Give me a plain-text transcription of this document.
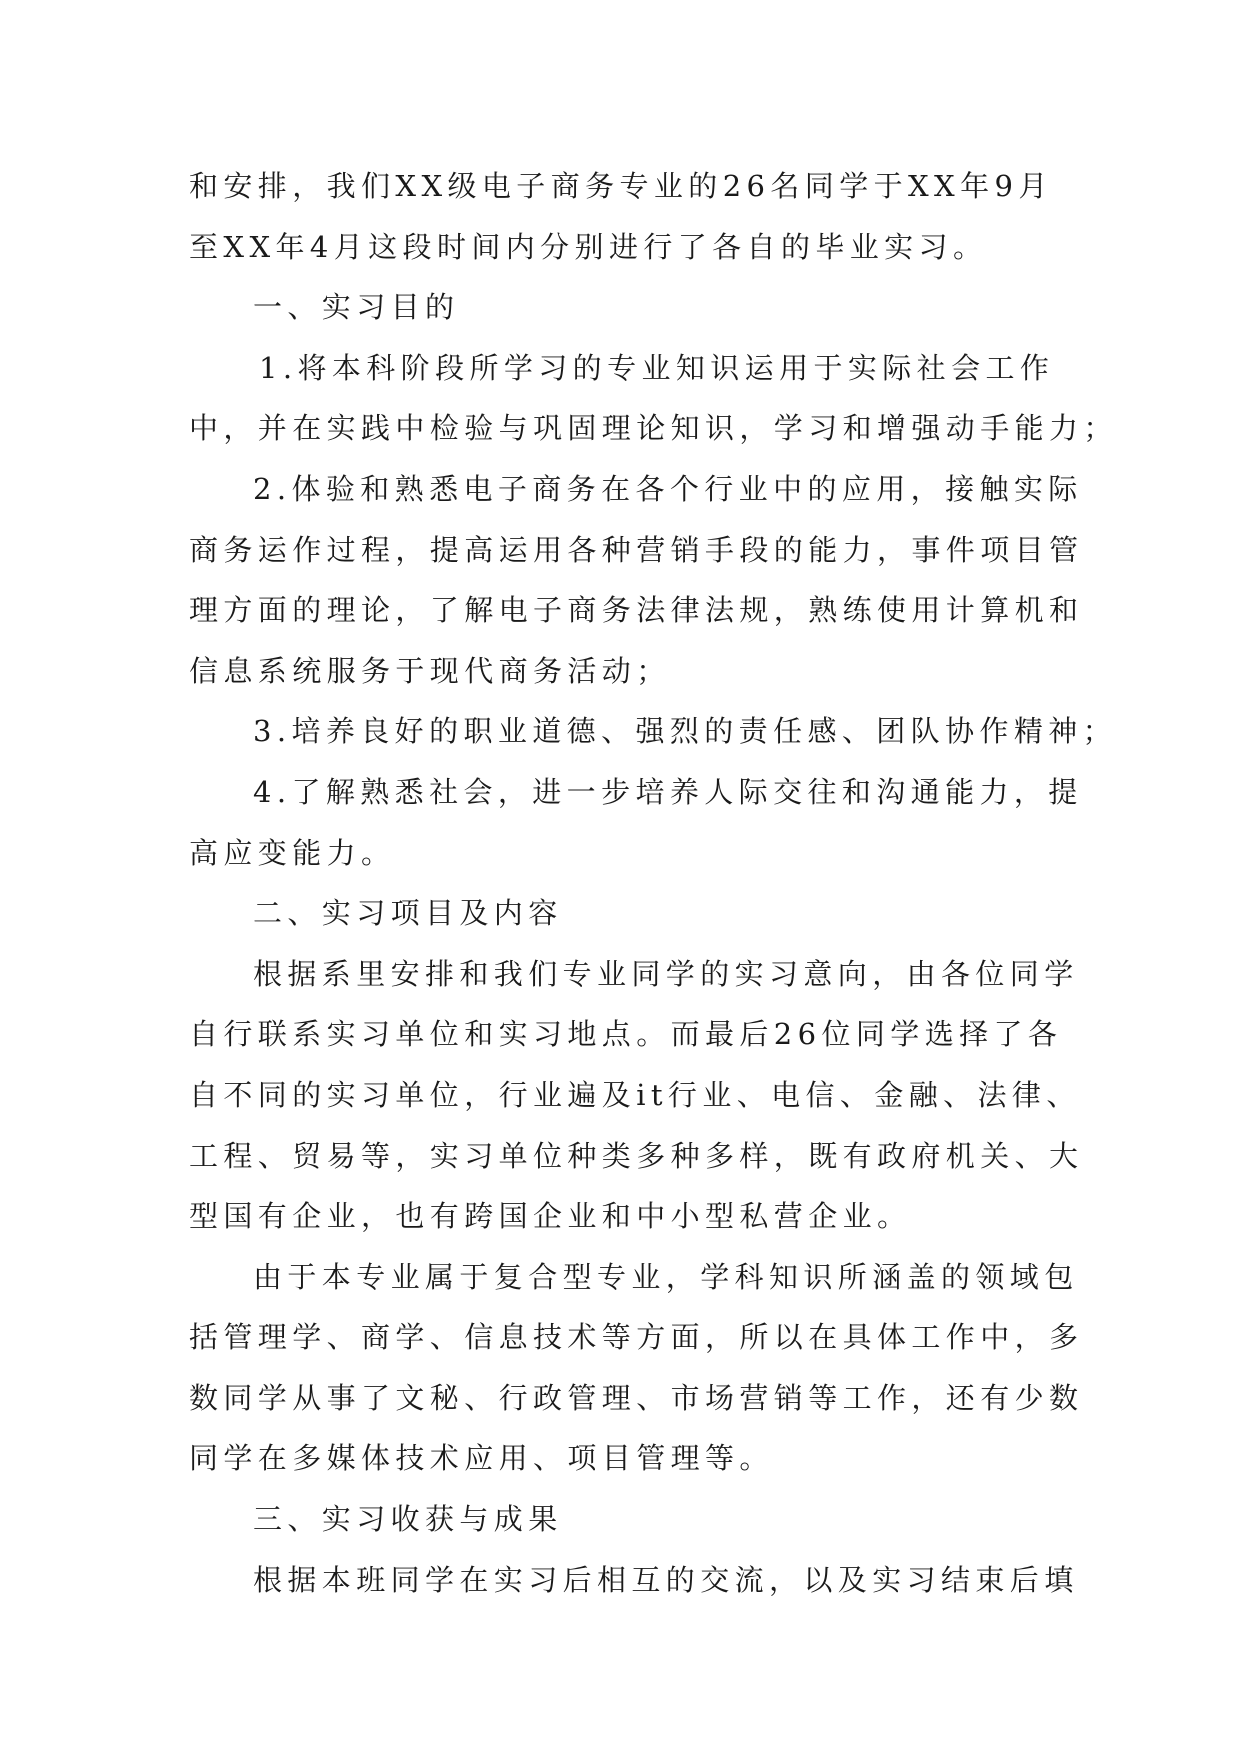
和安排，我们XX级电子商务专业的26名同学于XX年9月
至XX年4月这段时间内分别进行了各自的毕业实习。
一、实习目的
1.将本科阶段所学习的专业知识运用于实际社会工作
中，并在实践中检验与巩固理论知识，学习和增强动手能力；
2.体验和熟悉电子商务在各个行业中的应用，接触实际
商务运作过程，提高运用各种营销手段的能力，事件项目管
理方面的理论，了解电子商务法律法规，熟练使用计算机和
信息系统服务于现代商务活动；
3.培养良好的职业道德、强烈的责任感、团队协作精神；
4.了解熟悉社会，进一步培养人际交往和沟通能力，提
高应变能力。
二、实习项目及内容
根据系里安排和我们专业同学的实习意向，由各位同学
自行联系实习单位和实习地点。而最后26位同学选择了各
自不同的实习单位，行业遍及it行业、电信、金融、法律、
工程、贸易等，实习单位种类多种多样，既有政府机关、大
型国有企业，也有跨国企业和中小型私营企业。
由于本专业属于复合型专业，学科知识所涵盖的领域包
括管理学、商学、信息技术等方面，所以在具体工作中，多
数同学从事了文秘、行政管理、市场营销等工作，还有少数
同学在多媒体技术应用、项目管理等。
三、实习收获与成果
根据本班同学在实习后相互的交流，以及实习结束后填
